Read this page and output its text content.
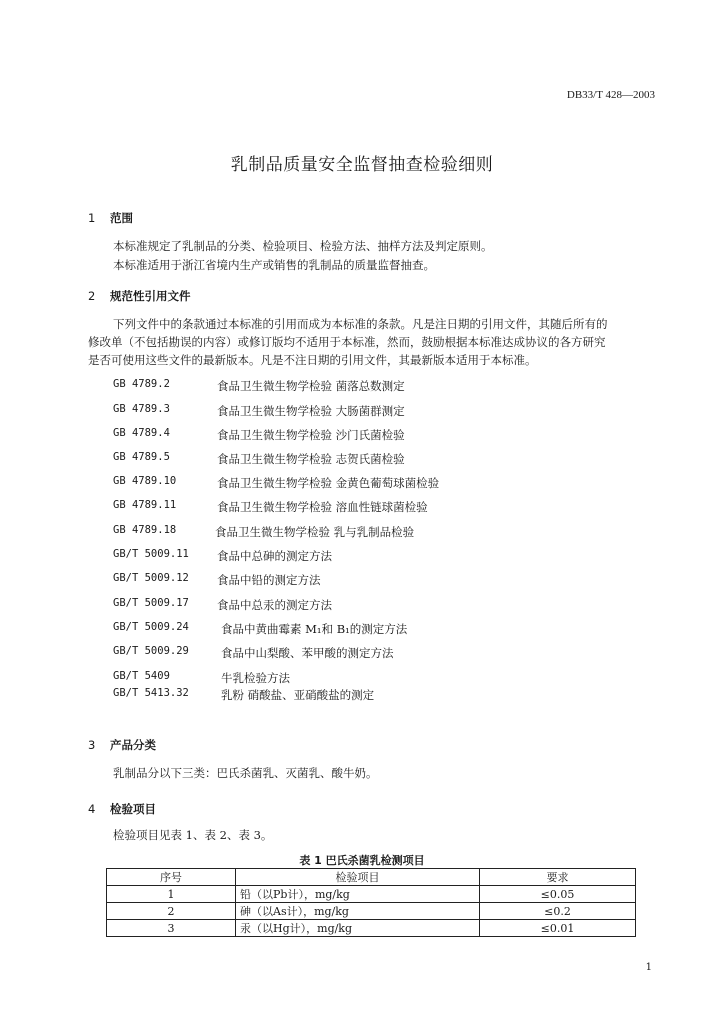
DB33/T 428—2003
乳制品质量安全监督抽查检验细则
1 范围
本标准规定了乳制品的分类、检验项目、检验方法、抽样方法及判定原则。
本标准适用于浙江省境内生产或销售的乳制品的质量监督抽查。
2 规范性引用文件
下列文件中的条款通过本标准的引用而成为本标准的条款。凡是注日期的引用文件，其随后所有的
修改单（不包括勘误的内容）或修订版均不适用于本标准，然而，鼓励根据本标准达成协议的各方研究
是否可使用这些文件的最新版本。凡是不注日期的引用文件，其最新版本适用于本标准。
GB 4789.2	食品卫生微生物学检验 菌落总数测定
GB 4789.3	食品卫生微生物学检验 大肠菌群测定
GB 4789.4	食品卫生微生物学检验 沙门氏菌检验
GB 4789.5	食品卫生微生物学检验 志贺氏菌检验
GB 4789.10	食品卫生微生物学检验 金黄色葡萄球菌检验
GB 4789.11	食品卫生微生物学检验 溶血性链球菌检验
GB 4789.18	食品卫生微生物学检验 乳与乳制品检验
GB/T 5009.11 食品中总砷的测定方法
GB/T 5009.12 食品中铅的测定方法
GB/T 5009.17 食品中总汞的测定方法
GB/T 5009.24	食品中黄曲霉素 M₁和 B₁的测定方法
GB/T 5009.29	食品中山梨酸、苯甲酸的测定方法
GB/T 5409	牛乳检验方法
GB/T 5413.32	乳粉 硝酸盐、亚硝酸盐的测定
3 产品分类
乳制品分以下三类：巴氏杀菌乳、灭菌乳、酸牛奶。
4 检验项目
检验项目见表 1、表 2、表 3。
表 1 巴氏杀菌乳检测项目
序号	检验项目	要求
1	铅（以Pb计），mg/kg	≤0.05
2	砷（以As计），mg/kg	≤0.2
3	汞（以Hg计），mg/kg	≤0.01
1
